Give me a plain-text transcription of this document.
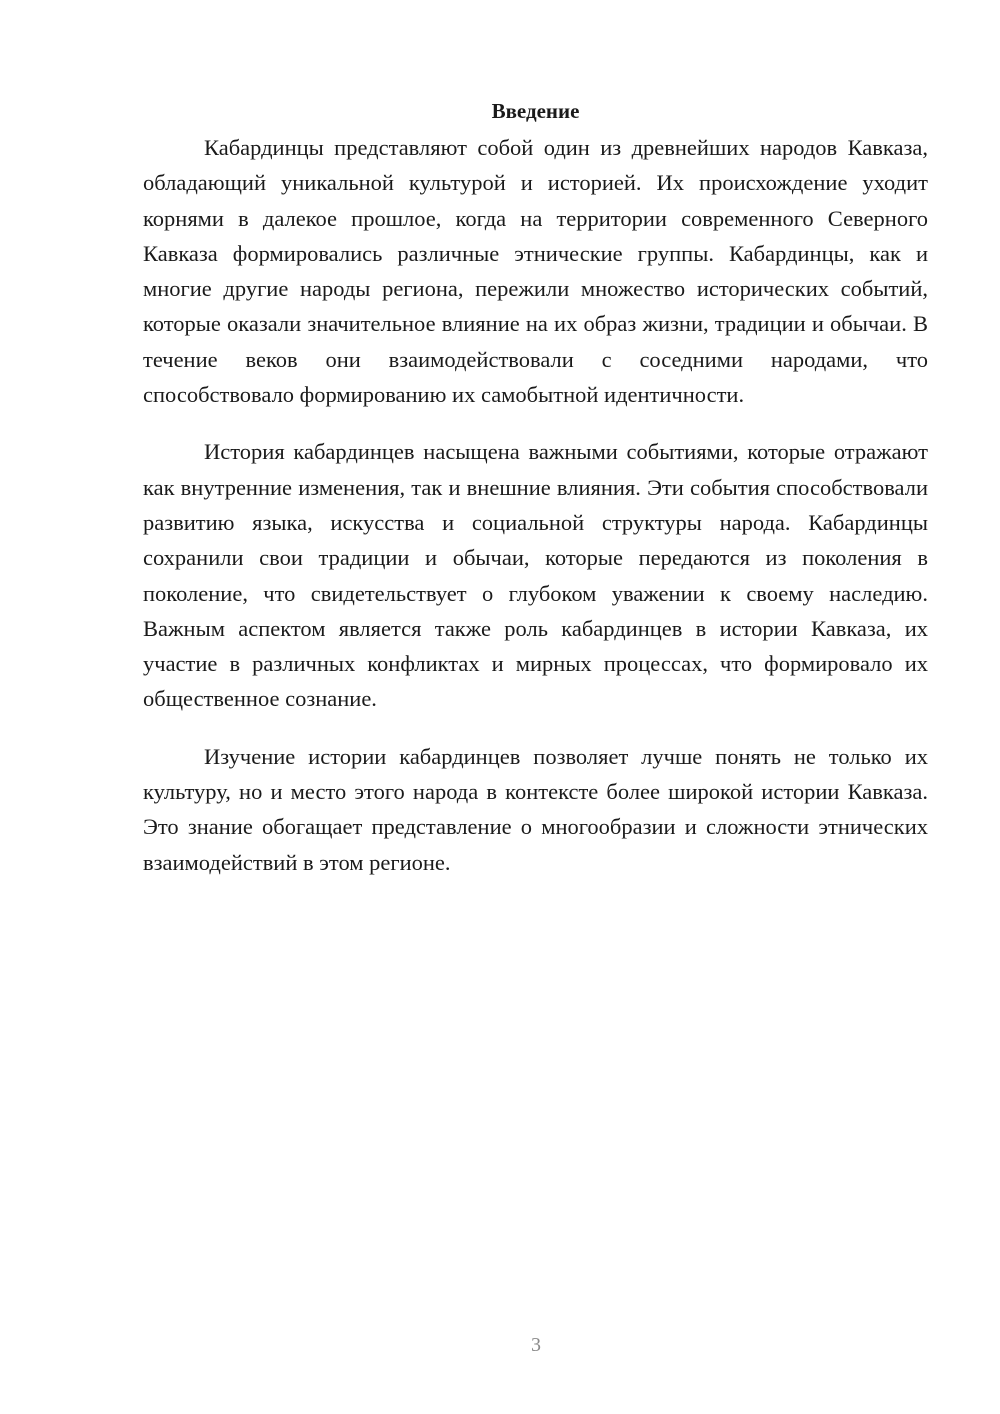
Введение

Кабардинцы представляют собой один из древнейших народов Кавказа, обладающий уникальной культурой и историей. Их происхождение уходит корнями в далекое прошлое, когда на территории современного Северного Кавказа формировались различные этнические группы. Кабардинцы, как и многие другие народы региона, пережили множество исторических событий, которые оказали значительное влияние на их образ жизни, традиции и обычаи. В течение веков они взаимодействовали с соседними народами, что способствовало формированию их самобытной идентичности.

История кабардинцев насыщена важными событиями, которые отражают как внутренние изменения, так и внешние влияния. Эти события способствовали развитию языка, искусства и социальной структуры народа. Кабардинцы сохранили свои традиции и обычаи, которые передаются из поколения в поколение, что свидетельствует о глубоком уважении к своему наследию. Важным аспектом является также роль кабардинцев в истории Кавказа, их участие в различных конфликтах и мирных процессах, что формировало их общественное сознание.

Изучение истории кабардинцев позволяет лучше понять не только их культуру, но и место этого народа в контексте более широкой истории Кавказа. Это знание обогащает представление о многообразии и сложности этнических взаимодействий в этом регионе.

3
